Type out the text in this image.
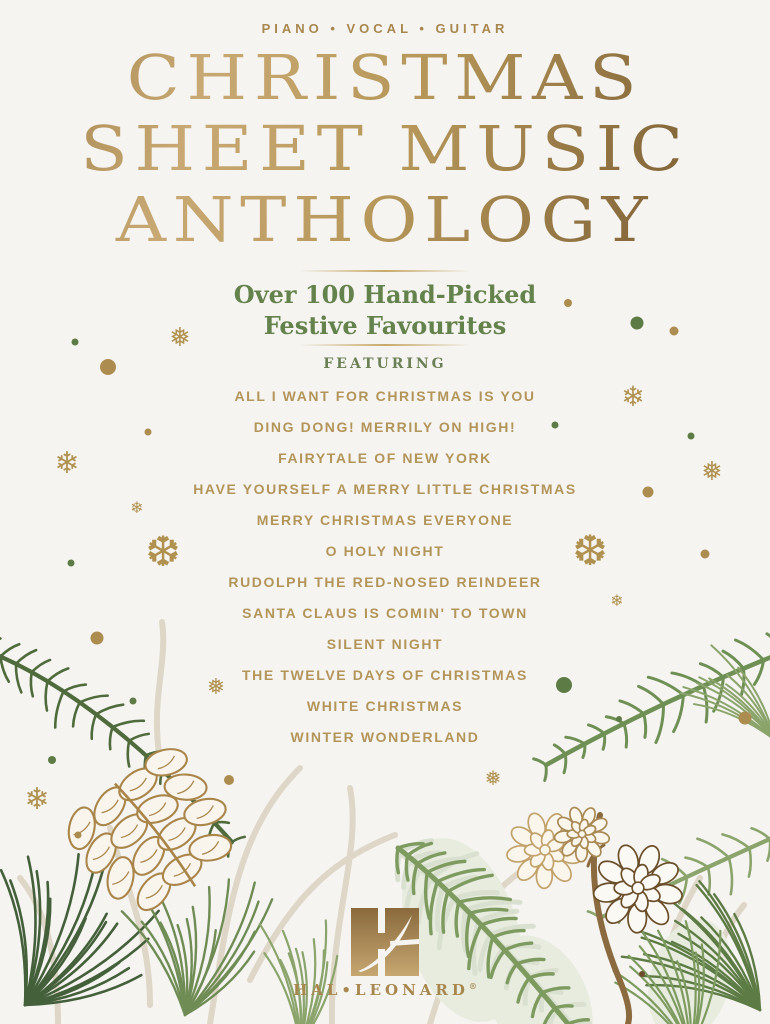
❅
❄
❄
❆
❅
❄
❄
❅
❆
❄
❅
PIANO • VOCAL • GUITAR
CHRISTMAS
SHEET MUSIC
ANTHOLOGY
Over 100 Hand-Picked
Festive Favourites
FEATURING
ALL I WANT FOR CHRISTMAS IS YOU
DING DONG! MERRILY ON HIGH!
FAIRYTALE OF NEW YORK
HAVE YOURSELF A MERRY LITTLE CHRISTMAS
MERRY CHRISTMAS EVERYONE
O HOLY NIGHT
RUDOLPH THE RED-NOSED REINDEER
SANTA CLAUS IS COMIN' TO TOWN
SILENT NIGHT
THE TWELVE DAYS OF CHRISTMAS
WHITE CHRISTMAS
WINTER WONDERLAND
HAL•LEONARD®
